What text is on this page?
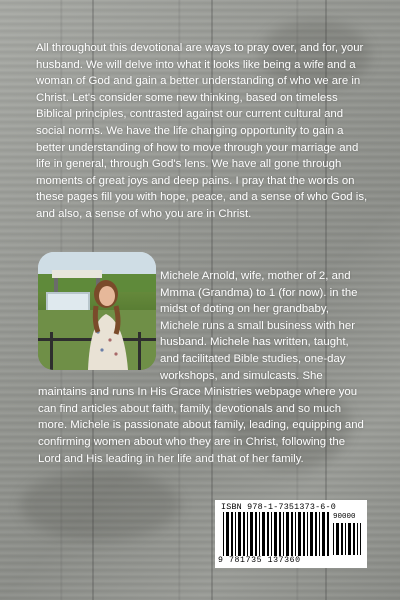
All throughout this devotional are ways to pray over, and for, your husband. We will delve into what it looks like being a wife and a woman of God and gain a better understanding of who we are in Christ. Let's consider some new thinking, based on timeless Biblical principles, contrasted against our current cultural and social norms. We have the life changing opportunity to gain a better understanding of how to move through your marriage and life in general, through God's lens. We have all gone through moments of great joys and deep pains. I pray that the words on these pages fill you with hope, peace, and a sense of who God is, and also, a sense of who you are in Christ.

Michele Arnold, wife, mother of 2, and Mmma (Grandma) to 1 (for now). in the midst of doting on her grandbaby, Michele runs a small business with her husband. Michele has written, taught, and facilitated Bible studies, one-day workshops, and simulcasts. She maintains and runs In His Grace Ministries webpage where you can find articles about faith, family, devotionals and so much more. Michele is passionate about family, leading, equipping and confirming women about who they are in Christ, following the Lord and His leading in her life and that of her family.

ISBN 978-1-7351373-6-0
90000
9 781735 137360
